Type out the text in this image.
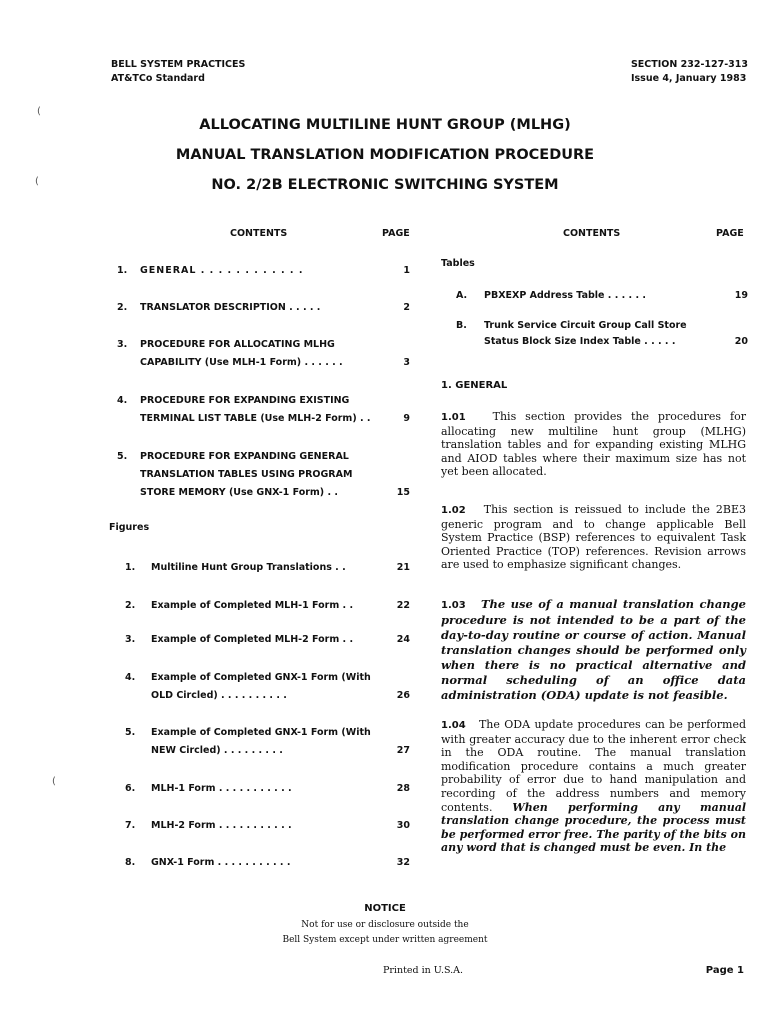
BELL SYSTEM PRACTICES
AT&TCo Standard
SECTION 232-127-313
Issue 4, January 1983
ALLOCATING MULTILINE HUNT GROUP (MLHG)
MANUAL TRANSLATION MODIFICATION PROCEDURE
NO. 2/2B ELECTRONIC SWITCHING SYSTEM
CONTENTS	PAGE	CONTENTS	PAGE
1.	GENERAL . . . . . . . . . . . .	1
2.	TRANSLATOR DESCRIPTION . . . . .	2
3.	PROCEDURE FOR ALLOCATING MLHG CAPABILITY (Use MLH-1 Form) . . . . . .	3
4.	PROCEDURE FOR EXPANDING EXISTING TERMINAL LIST TABLE (Use MLH-2 Form) . .	9
5.	PROCEDURE FOR EXPANDING GENERAL TRANSLATION TABLES USING PROGRAM STORE MEMORY (Use GNX-1 Form) . .	15
Figures
1.	Multiline Hunt Group Translations . .	21
2.	Example of Completed MLH-1 Form . .	22
3.	Example of Completed MLH-2 Form . .	24
4.	Example of Completed GNX-1 Form (With OLD Circled) . . . . . . . . . .	26
5.	Example of Completed GNX-1 Form (With NEW Circled) . . . . . . . . .	27
6.	MLH-1 Form . . . . . . . . . . .	28
7.	MLH-2 Form . . . . . . . . . . .	30
8.	GNX-1 Form . . . . . . . . . . .	32
Tables
A. PBXEXP Address Table . . . . . .	19
B. Trunk Service Circuit Group Call Store Status Block Size Index Table . . . . .	20
1. GENERAL
1.01 This section provides the procedures for allocating new multiline hunt group (MLHG) translation tables and for expanding existing MLHG and AIOD tables where their maximum size has not yet been allocated.
1.02 This section is reissued to include the 2BE3 generic program and to change applicable Bell System Practice (BSP) references to equivalent Task Oriented Practice (TOP) references. Revision arrows are used to emphasize significant changes.
1.03 The use of a manual translation change procedure is not intended to be a part of the day-to-day routine or course of action. Manual translation changes should be performed only when there is no practical alternative and normal scheduling of an office data administration (ODA) update is not feasible.
1.04 The ODA update procedures can be performed with greater accuracy due to the inherent error check in the ODA routine. The manual translation modification procedure contains a much greater probability of error due to hand manipulation and recording of the address numbers and memory contents. When performing any manual translation change procedure, the process must be performed error free. The parity of the bits on any word that is changed must be even. In the
NOTICE
Not for use or disclosure outside the
Bell System except under written agreement
Printed in U.S.A.	Page 1
(
(
(
